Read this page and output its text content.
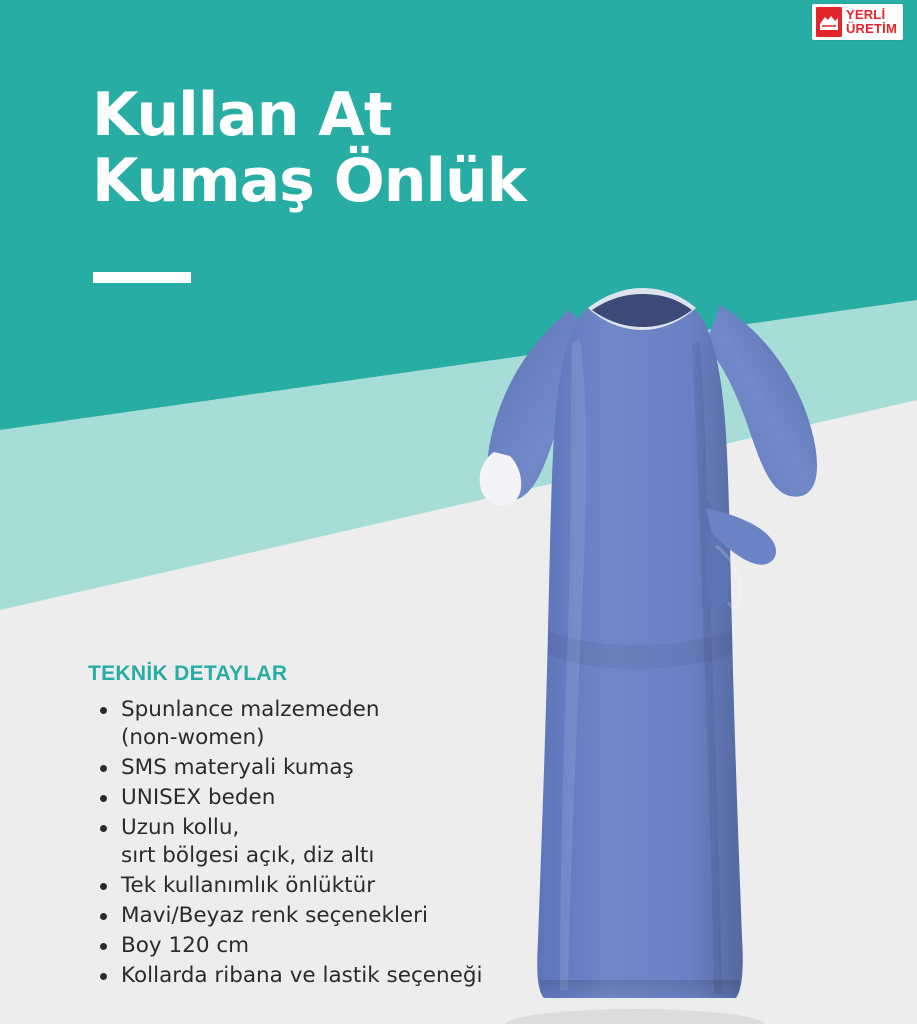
YERLİ
ÜRETİM
Kullan At
Kumaş Önlük
TEKNİK DETAYLAR
Spunlance malzemeden
(non-women)
SMS materyali kumaş
UNISEX beden
Uzun kollu,
sırt bölgesi açık, diz altı
Tek kullanımlık önlüktür
Mavi/Beyaz renk seçenekleri
Boy 120 cm
Kollarda ribana ve lastik seçeneği
